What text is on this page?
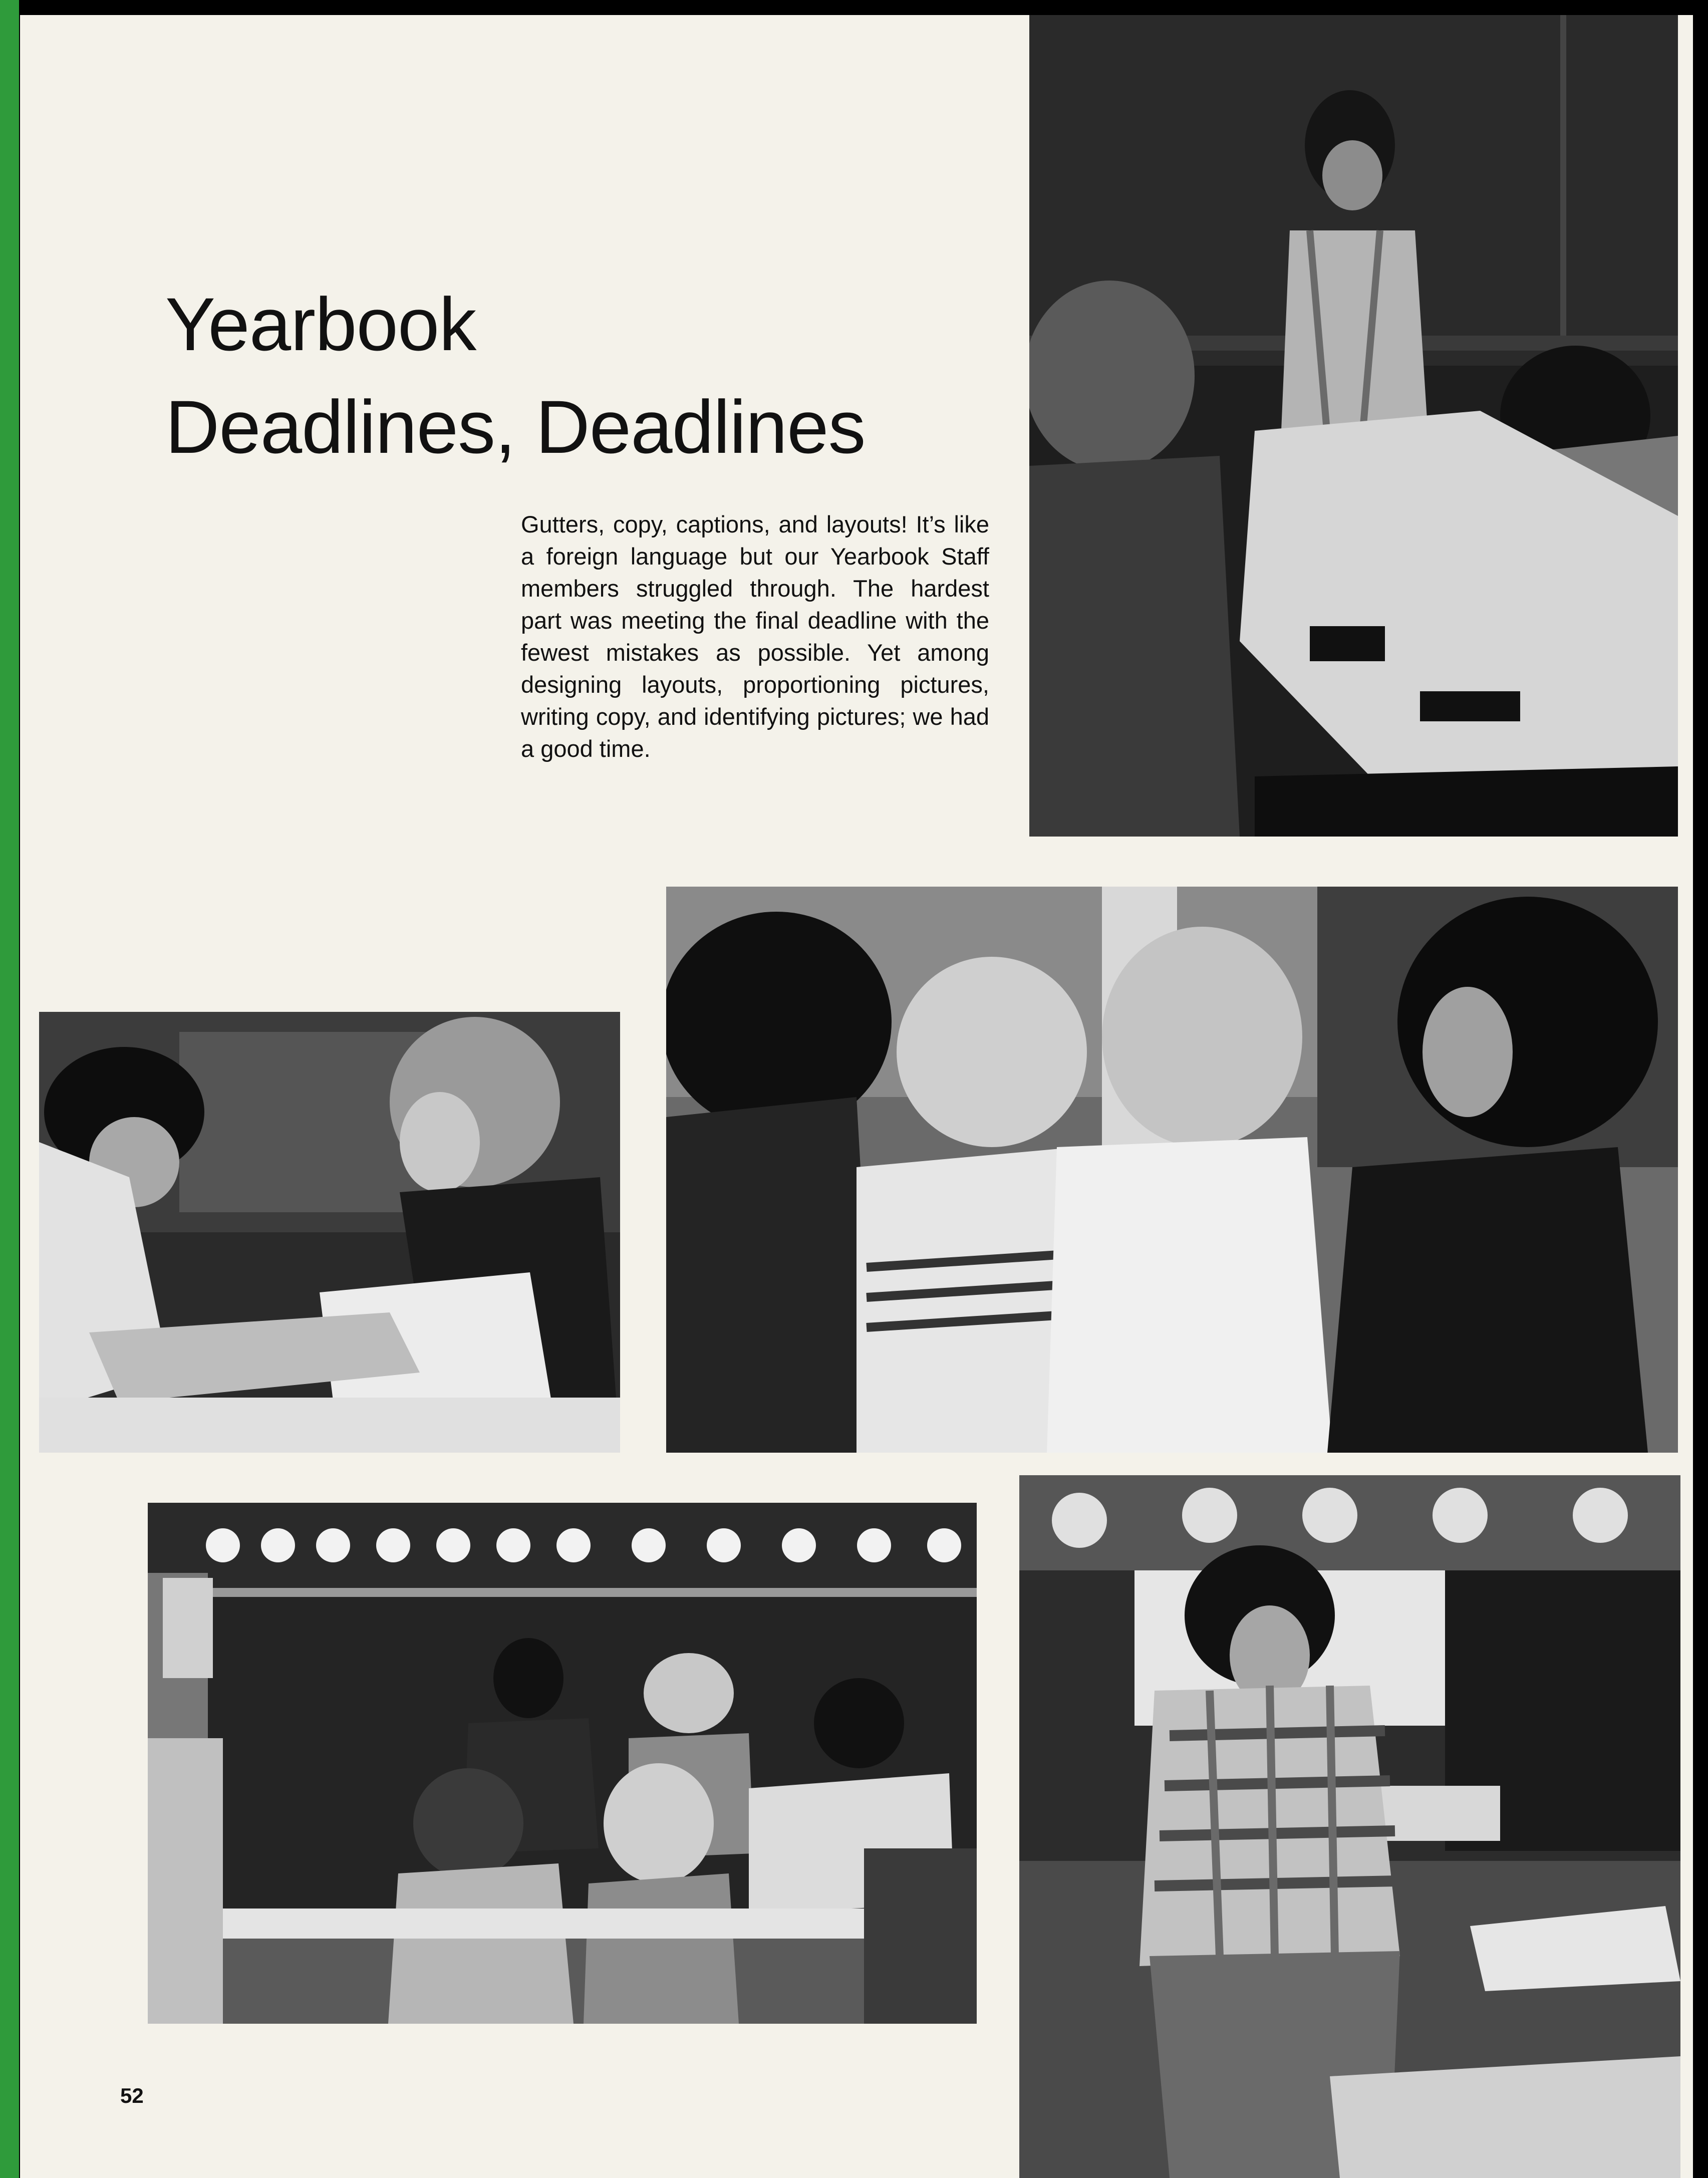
Yearbook
Deadlines, Deadlines
Gutters, copy, captions, and layouts! It’s like a foreign language but our Yearbook Staff members struggled through. The hardest part was meeting the final deadline with the fewest mistakes as possible. Yet among designing layouts, proportioning pictures, writing copy, and identifying pictures; we had a good time.
52
